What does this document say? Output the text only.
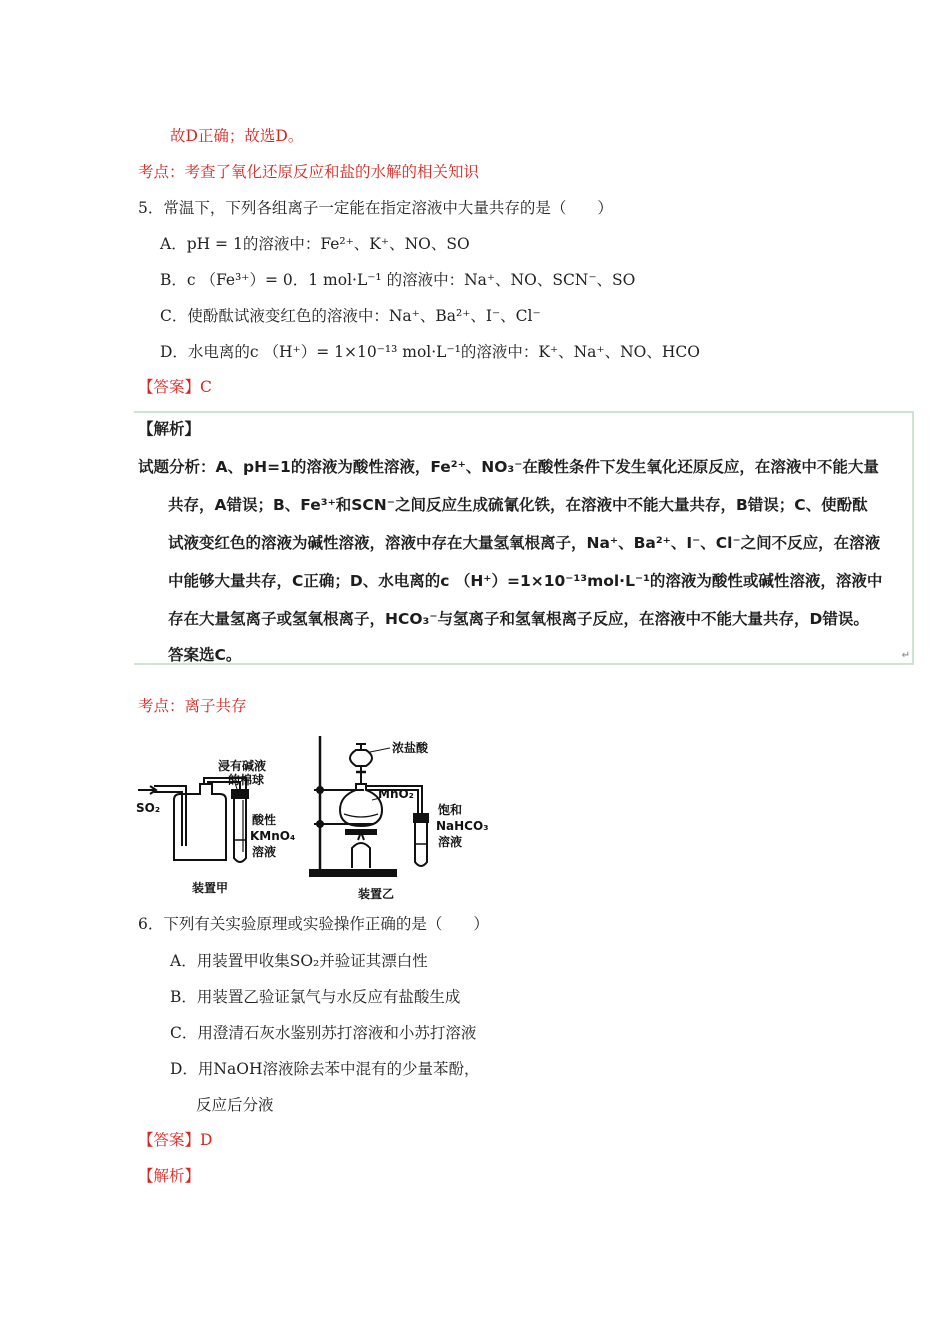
故D正确；故选D。
考点：考查了氧化还原反应和盐的水解的相关知识
5．常温下，下列各组离子一定能在指定溶液中大量共存的是（　　）
A．pH = 1的溶液中：Fe²⁺、K⁺、NO、SO
B．c （Fe³⁺）= 0．1 mol·L⁻¹ 的溶液中：Na⁺、NO、SCN⁻、SO
C．使酚酞试液变红色的溶液中：Na⁺、Ba²⁺、I⁻、Cl⁻
D．水电离的c （H⁺）= 1×10⁻¹³ mol·L⁻¹的溶液中：K⁺、Na⁺、NO、HCO
【答案】C
【解析】
试题分析：A、pH=1的溶液为酸性溶液，Fe²⁺、NO₃⁻在酸性条件下发生氧化还原反应，在溶液中不能大量
共存，A错误；B、Fe³⁺和SCN⁻之间反应生成硫氰化铁，在溶液中不能大量共存，B错误；C、使酚酞
试液变红色的溶液为碱性溶液，溶液中存在大量氢氧根离子，Na⁺、Ba²⁺、I⁻、Cl⁻之间不反应，在溶液
中能够大量共存，C正确；D、水电离的c （H⁺）=1×10⁻¹³mol·L⁻¹的溶液为酸性或碱性溶液，溶液中
存在大量氢离子或氢氧根离子，HCO₃⁻与氢离子和氢氧根离子反应，在溶液中不能大量共存，D错误。
答案选C。	↵
考点：离子共存
SO₂
浸有碱液
的棉球
酸性
KMnO₄
溶液
装置甲
浓盐酸
MnO₂
饱和
NaHCO₃
溶液
装置乙
6．下列有关实验原理或实验操作正确的是（　　）
A．用装置甲收集SO₂并验证其漂白性
B．用装置乙验证氯气与水反应有盐酸生成
C．用澄清石灰水鉴别苏打溶液和小苏打溶液
D．用NaOH溶液除去苯中混有的少量苯酚，
反应后分液
【答案】D
【解析】
